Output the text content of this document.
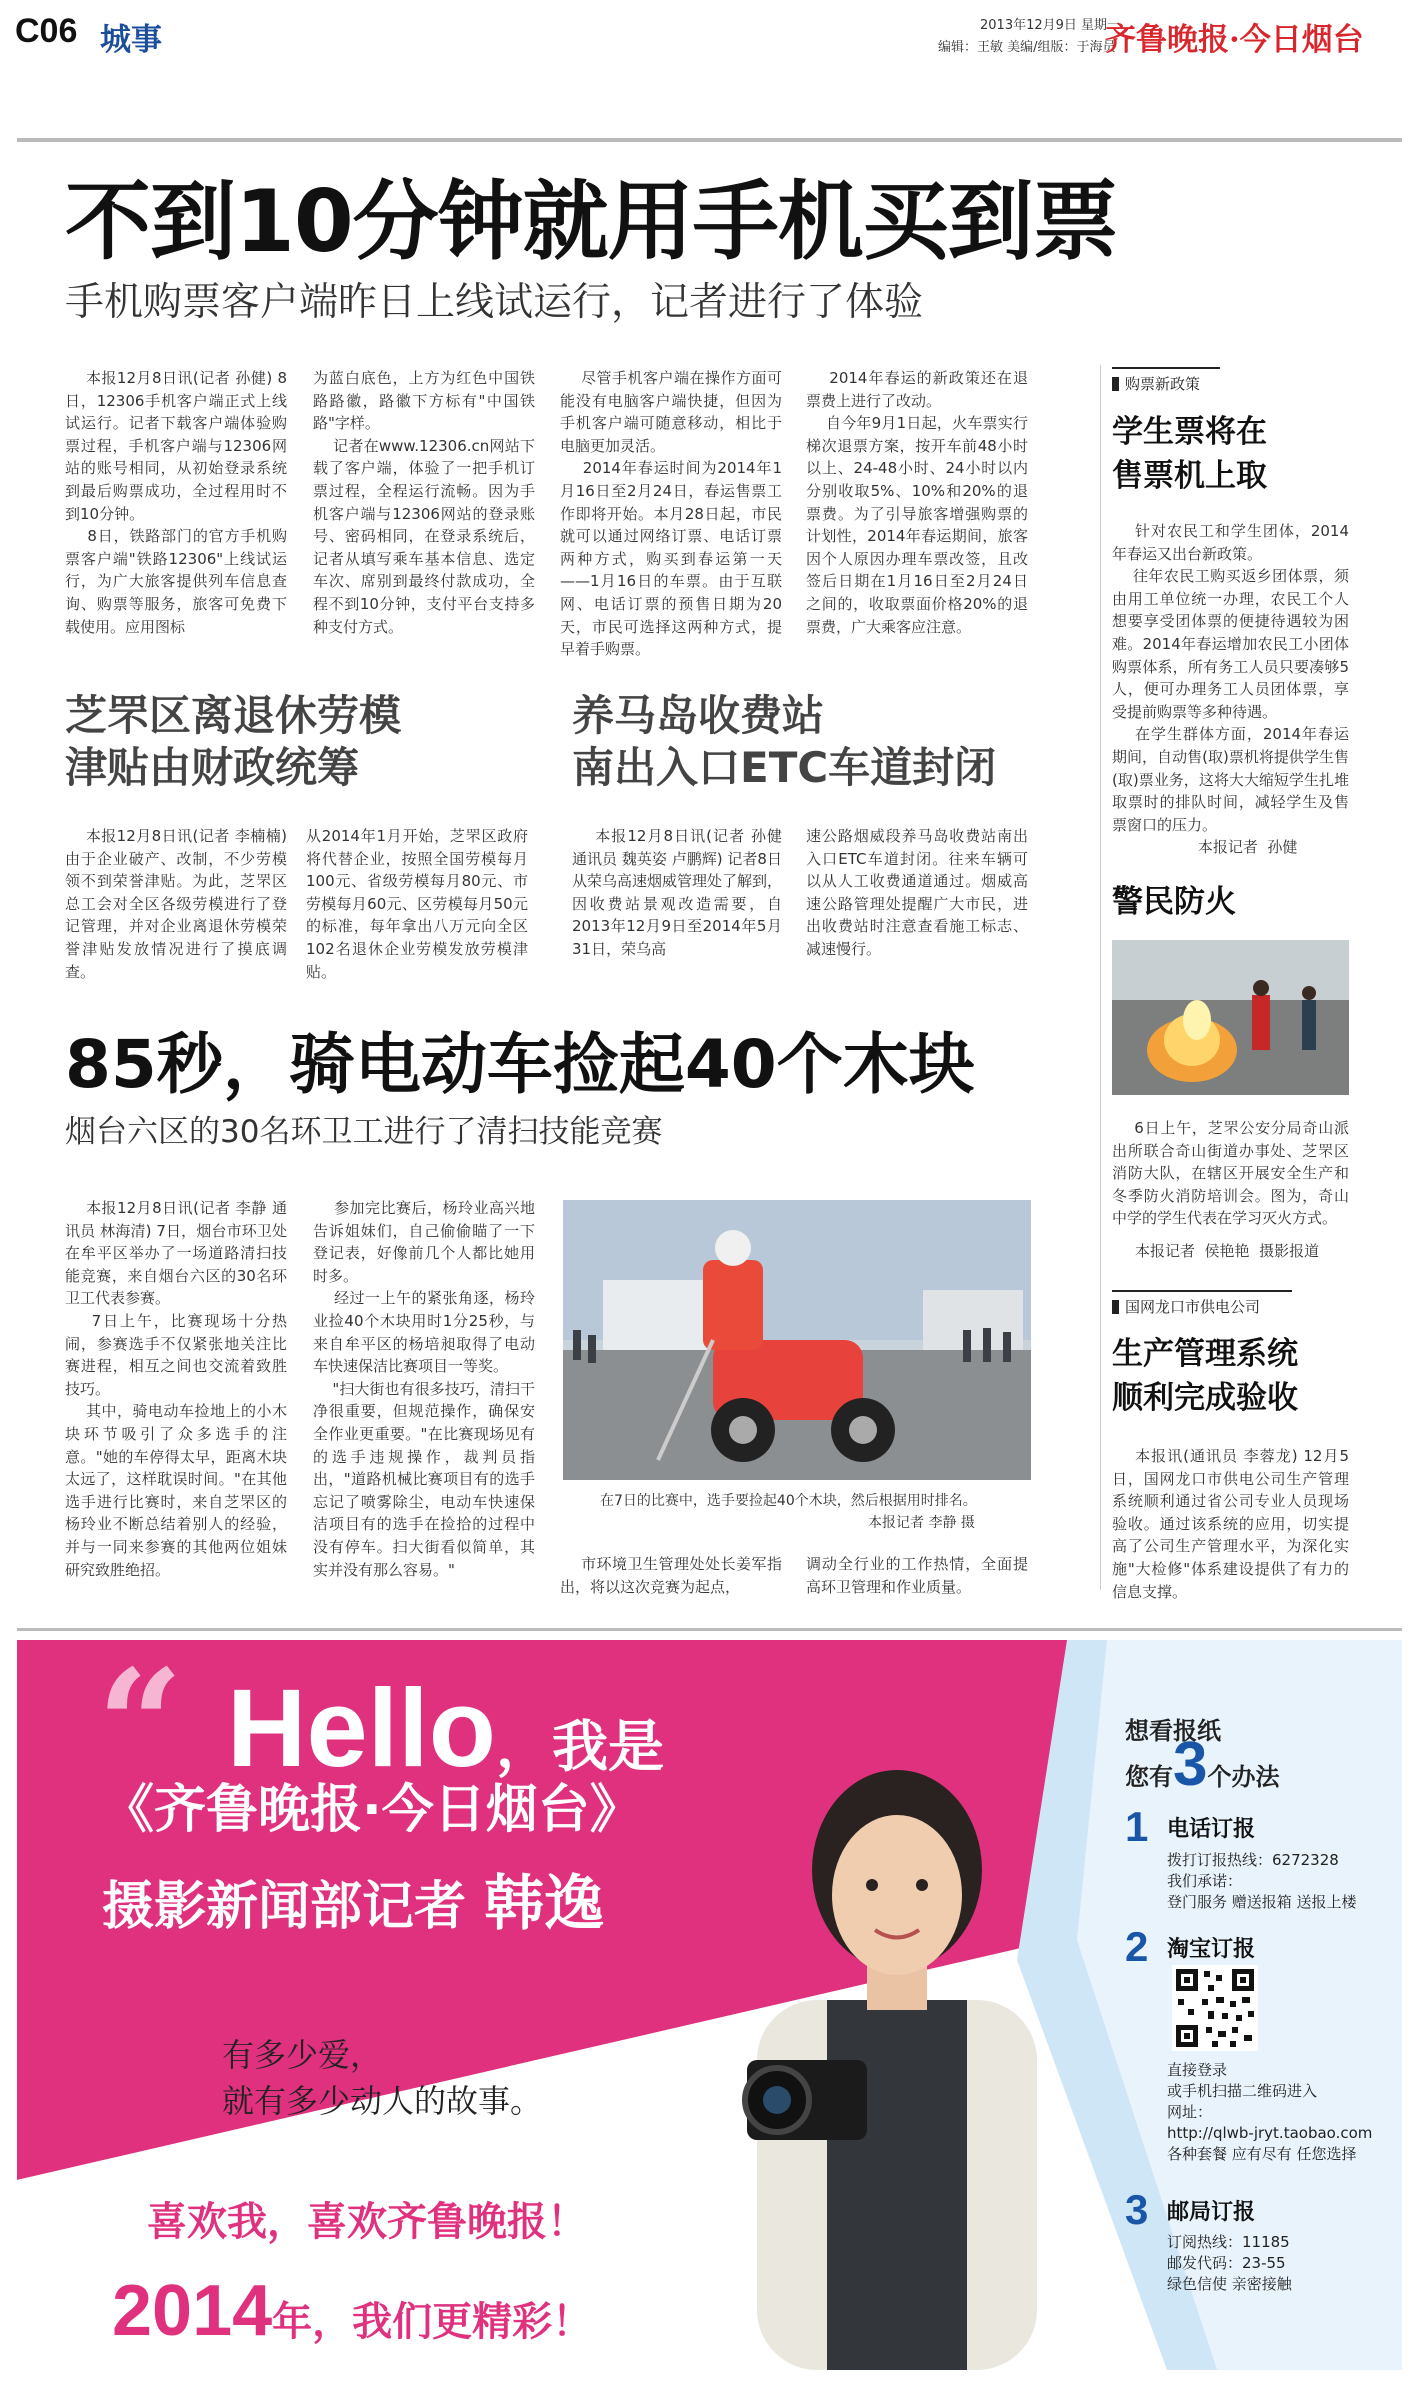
C06 城事	2013年12月9日 星期一
编辑：王敏 美编/组版：于海员
齐鲁晚报·今日烟台
不到10分钟就用手机买到票
手机购票客户端昨日上线试运行，记者进行了体验
本报12月8日讯(记者 孙健) 8日，12306手机客户端正式上线试运行。记者下载客户端体验购票过程，手机客户端与12306网站的账号相同，从初始登录系统到最后购票成功，全过程用时不到10分钟。
8日，铁路部门的官方手机购票客户端"铁路12306"上线试运行，为广大旅客提供列车信息查询、购票等服务，旅客可免费下载使用。应用图标
为蓝白底色，上方为红色中国铁路路徽，路徽下方标有"中国铁路"字样。
记者在www.12306.cn网站下载了客户端，体验了一把手机订票过程，全程运行流畅。因为手机客户端与12306网站的登录账号、密码相同，在登录系统后，记者从填写乘车基本信息、选定车次、席别到最终付款成功，全程不到10分钟，支付平台支持多种支付方式。
尽管手机客户端在操作方面可能没有电脑客户端快捷，但因为手机客户端可随意移动，相比于电脑更加灵活。
2014年春运时间为2014年1月16日至2月24日，春运售票工作即将开始。本月28日起，市民就可以通过网络订票、电话订票两种方式，购买到春运第一天——1月16日的车票。由于互联网、电话订票的预售日期为20天，市民可选择这两种方式，提早着手购票。
2014年春运的新政策还在退票费上进行了改动。
自今年9月1日起，火车票实行梯次退票方案，按开车前48小时以上、24-48小时、24小时以内分别收取5%、10%和20%的退票费。为了引导旅客增强购票的计划性，2014年春运期间，旅客因个人原因办理车票改签，且改签后日期在1月16日至2月24日之间的，收取票面价格20%的退票费，广大乘客应注意。
购票新政策
学生票将在
售票机上取
针对农民工和学生团体，2014年春运又出台新政策。
往年农民工购买返乡团体票，须由用工单位统一办理，农民工个人想要享受团体票的便捷待遇较为困难。2014年春运增加农民工小团体购票体系，所有务工人员只要凑够5人，便可办理务工人员团体票，享受提前购票等多种待遇。
在学生群体方面，2014年春运期间，自动售(取)票机将提供学生售(取)票业务，这将大大缩短学生扎堆取票时的排队时间，减轻学生及售票窗口的压力。
本报记者  孙健
芝罘区离退休劳模
津贴由财政统筹
本报12月8日讯(记者 李楠楠) 由于企业破产、改制，不少劳模领不到荣誉津贴。为此，芝罘区总工会对全区各级劳模进行了登记管理，并对企业离退休劳模荣誉津贴发放情况进行了摸底调查。
从2014年1月开始，芝罘区政府将代替企业，按照全国劳模每月100元、省级劳模每月80元、市劳模每月60元、区劳模每月50元的标准，每年拿出八万元向全区102名退休企业劳模发放劳模津贴。
养马岛收费站
南出入口ETC车道封闭
本报12月8日讯(记者 孙健 通讯员 魏英姿 卢鹏辉) 记者8日从荣乌高速烟威管理处了解到，因收费站景观改造需要，自2013年12月9日至2014年5月31日，荣乌高
速公路烟威段养马岛收费站南出入口ETC车道封闭。往来车辆可以从人工收费通道通过。烟威高速公路管理处提醒广大市民，进出收费站时注意查看施工标志、减速慢行。
警民防火
6日上午，芝罘公安分局奇山派出所联合奇山街道办事处、芝罘区消防大队，在辖区开展安全生产和冬季防火消防培训会。图为，奇山中学的学生代表在学习灭火方式。
本报记者  侯艳艳  摄影报道
85秒，骑电动车捡起40个木块
烟台六区的30名环卫工进行了清扫技能竞赛
本报12月8日讯(记者 李静 通讯员 林海清) 7日，烟台市环卫处在牟平区举办了一场道路清扫技能竞赛，来自烟台六区的30名环卫工代表参赛。
7日上午，比赛现场十分热闹，参赛选手不仅紧张地关注比赛进程，相互之间也交流着致胜技巧。
其中，骑电动车捡地上的小木块环节吸引了众多选手的注意。"她的车停得太早，距离木块太远了，这样耽误时间。"在其他选手进行比赛时，来自芝罘区的杨玲业不断总结着别人的经验，并与一同来参赛的其他两位姐妹研究致胜绝招。
参加完比赛后，杨玲业高兴地告诉姐妹们，自己偷偷瞄了一下登记表，好像前几个人都比她用时多。
经过一上午的紧张角逐，杨玲业捡40个木块用时1分25秒，与来自牟平区的杨培昶取得了电动车快速保洁比赛项目一等奖。
"扫大街也有很多技巧，清扫干净很重要，但规范操作，确保安全作业更重要。"在比赛现场见有的选手违规操作，裁判员指出，"道路机械比赛项目有的选手忘记了喷雾除尘，电动车快速保洁项目有的选手在捡拾的过程中没有停车。扫大街看似简单，其实并没有那么容易。"
在7日的比赛中，选手要捡起40个木块，然后根据用时排名。
本报记者 李静 摄
市环境卫生管理处处长姜军指出，将以这次竞赛为起点，
调动全行业的工作热情，全面提高环卫管理和作业质量。
国网龙口市供电公司
生产管理系统
顺利完成验收
本报讯(通讯员 李蓉龙) 12月5日，国网龙口市供电公司生产管理系统顺利通过省公司专业人员现场验收。通过该系统的应用，切实提高了公司生产管理水平，为深化实施"大检修"体系建设提供了有力的信息支撑。
“
”

Hello，我是

《齐鲁晚报·今日烟台》

摄影新闻部记者 韩逸

有多少爱，
就有多少动人的故事。
喜欢我，喜欢齐鲁晚报！

2014年，我们更精彩！

想看报纸
您有3个办法

1 电话订报
拨打订报热线：6272328
我们承诺：
登门服务 赠送报箱 送报上楼
2 淘宝订报
直接登录
或手机扫描二维码进入
网址：
http://qlwb-jryt.taobao.com
各种套餐 应有尽有 任您选择
3 邮局订报
订阅热线：11185
邮发代码：23-55
绿色信使 亲密接触
